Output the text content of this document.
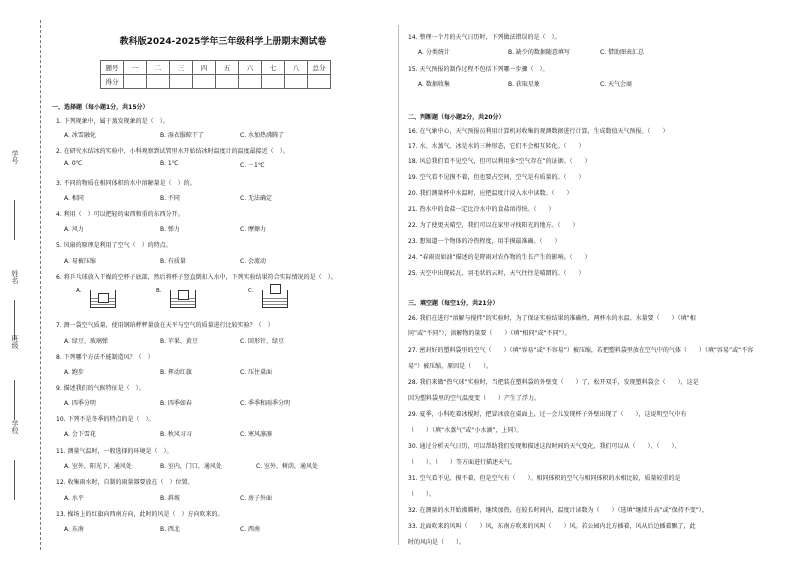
学号
姓名
班级
学校
教科版2024-2025学年三年级科学上册期末测试卷
题号	一	二	三	四	五	六	七	八	总分
得分									
一、选择题（每小题1分，共15分）
1. 下列现象中，属于蒸发现象的是（　）。
A. 冰雪融化	B. 湿衣服晾干了	C. 水加热沸腾了
2. 在研究水结冰的实验中，小科观察到试管里水开始结冰时温度计的温度最接近（　）。
A. 0℃	B. 1℃	C. －1℃
3. 不同的物质在相同体积的水中溶解量是（　）的。
A. 相同	B. 不同	C. 无法确定
4. 利用（　）可以把轻的東西和重的东西分开。
A. 风力	B. 弹力	C. 摩擦力
5. 风扇的原理是利用了空气（　）的特点。
A. 易被压缩	B. 有质量	C. 会流动
6. 将乒乓球放入干燥的空杯子底部，然后将杯子竖直倒扣入水中，下列实验结果符合实际情况的是（　）。
A.	B.	C.
7. 测一袋空气质量，使用钢珀秤秤量放在天平与空气的质量进行比较实验？（　）
A. 绿豆、玻璃弹	B. 苹果、黄豆	C. 回形针、绿豆
8. 下列哪个方法不能制造风？（　）
A. 跑步	B. 挥动红旗	C. 压住桌面
9. 描述我们的气候特征是（　）。
A. 四季分明	B. 四季如春	C. 季季和雨季分明
10. 下列不是冬季的特点的是（　）。
A. 会下雪花	B. 秋风习习	C. 寒风凛凛
11. 测量气温时，一般选择的环境是（　）。
A. 室外，阳光下，通风处	B. 室内，门口，通风处	C. 室外，树荫，通风处
12. 收集雨水时，自制的雨量器要放在（　）位置。
A. 水平	B. 斜坡	C. 房子外面
13. 操场上的红旗向西南方向，此时的风是（　）方向吹来的。
A. 东南	B. 西北	C. 西南
14. 整理一个月的天气日历时，下列做法错误的是（　）。
A. 分类统计	B. 缺少的数据随意填写	C. 借助图表汇总
15. 天气预报的制作过程不包括下列哪一步骤（　）。
A. 数据收集	B. 获取星象	C. 天气会商
二、判断题（每小题2分，共20分）
16. 在气象中心，天气预报员利用计算机对收集的观测数据进行计算，生成数值天气预报。（　　）
17. 水、水蒸气、冰是水的三种形态，它们不会相互转化。（　　）
18. 风总我们看不见空气，但可以利用多“空气存在”的证据。（　　）
19. 空气看不见摸不着，但也要占空间，空气是有质量的。（　　）
20. 我们测量杯中水温时，应把温度计浸入水中读数。（　　）
21. 热水中的食盐一定比冷水中的食盐溶得快。（　　）
22. 为了使更天晴空，我们可以在家里寻找阳光的地方。（　　）
23. 想知道一个物体的冷热程度，用手摸最准确。（　　）
24. “春雨贵如油”描述的是降雨对农作物的生长产生的影响。（　　）
25. 天空中出现砖瓦、羽毛状的云时，天气往往是晴朗的。（　　）
三、填空题（每空1分，共21分）
26. 我们在进行“溶解与搅拌”的实验时，为了保证实验结果的准确性，两杯水的水温、水量要（　　）（填“相
同”或“不同”），溶解物的量要（　　）（填“相同”或“不同”）。
27. 密封好的塑料袋里的空气（　　）（填“容易”或“不容易”）被压缩，若把塑料袋里放在空气中的气体（　　）（填“容易”或“不容
易”）被压缩，原因是（　　）。
28. 我们来做“热气球”实验时，当把装在塑料袋的外壁变（　　）了，松开双手，发现塑料袋会（　　），这是
因为塑料袋里的空气温度变（　　）产生了浮力。
29. 夏季，小科吃着冰棍时，把冒冰放在桌面上，过一会儿发现杯子外壁出现了（　　），这说明空气中有
（　　）（填“水蒸气”或“小水滴”，上同）。
30. 通过分析天气日历，可以帮助我们发现和描述这段时间的天气变化，我们可以从（　　）、（　　）、
（　　）、（　　）等方面进行描述天气。
31. 空气看不见、摸不着，但是空气有（　　）。相同体积的空气与相同体积的水相比较，质量较重的是
（　　）。
32. 在测量的水开始沸腾时，继续加热，在较长时间内，温度计读数为（　　）（选填“继续升高”或“保持不变”）。
33. 北面吹来的风叫（　　）风，东南方吹来的风叫（　　）风。若公园内北方插着，风从后边插着飘了，此
时的风向是（　　）。
